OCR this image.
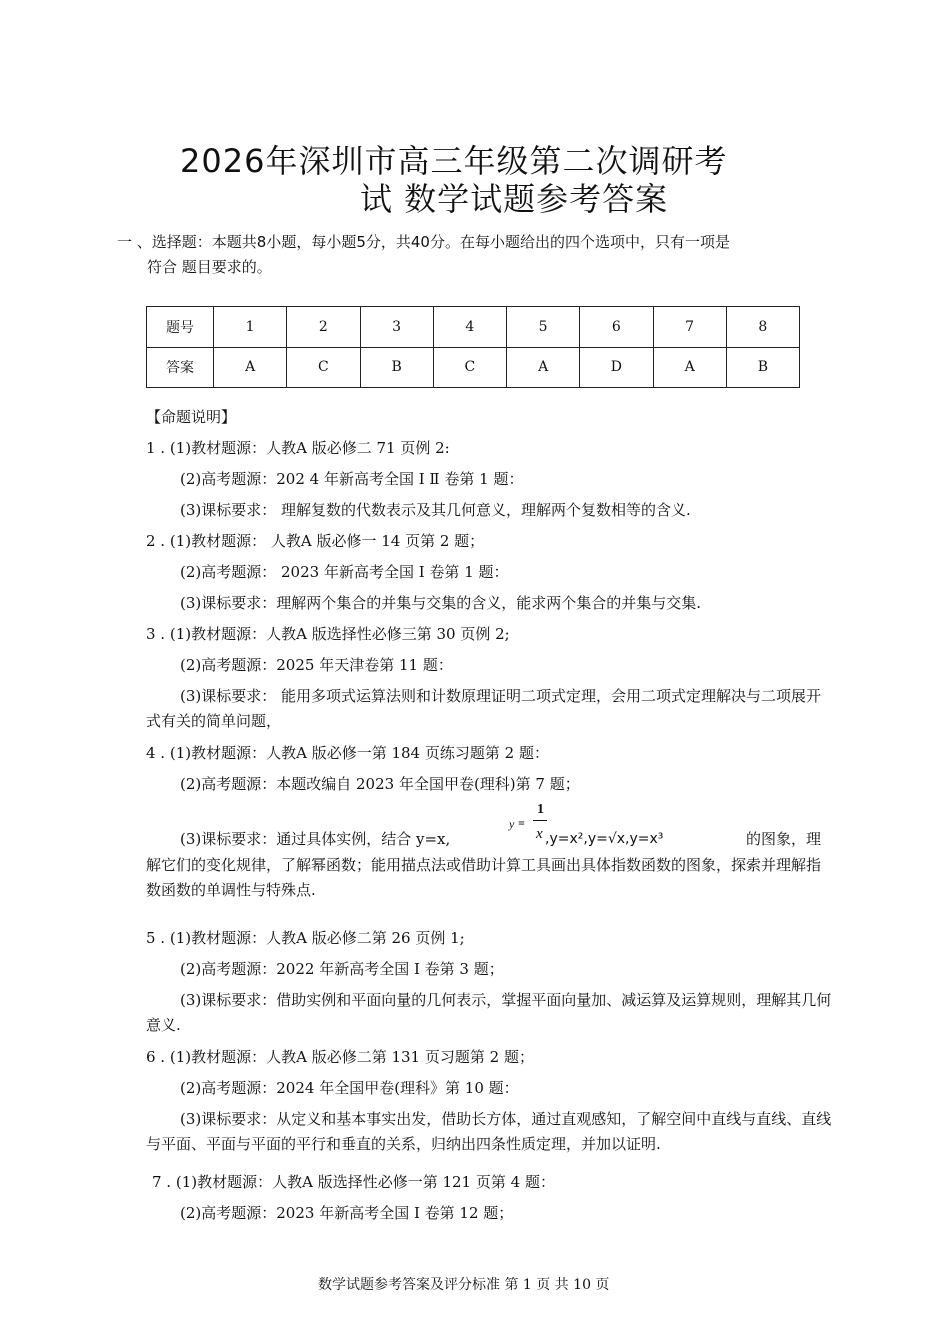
2026年深圳市高三年级第二次调研考
试 数学试题参考答案
一 、选择题：本题共8小题，每小题5分，共40分。在每小题给出的四个选项中，只有一项是
符合 题目要求的。
题号	1	2	3	4	5	6	7	8
答案	A	C	B	C	A	D	A	B
【命题说明】
1 . (1)教材题源：人教A 版必修二 71 页例 2:
(2)高考题源：202 4 年新高考全国 I Ⅱ 卷第 1 题：
(3)课标要求： 理解复数的代数表示及其几何意义，理解两个复数相等的含义.
2 . (1)教材题源： 人教A 版必修一 14 页第 2 题；
(2)高考题源： 2023 年新高考全国 I 卷第 1 题：
(3)课标要求：理解两个集合的并集与交集的含义，能求两个集合的并集与交集.
3 . (1)教材题源：人教A 版选择性必修三第 30 页例 2;
(2)高考题源：2025 年天津卷第 11 题：
(3)课标要求： 能用多项式运算法则和计数原理证明二项式定理，会用二项式定理解决与二项展开式有关的简单问题，
4 . (1)教材题源：人教A 版必修一第 184 页练习题第 2 题：
(2)高考题源：本题改编自 2023 年全国甲卷(理科)第 7 题；
(3)课标要求：通过具体实例，结合 y=x,
y =
1
x ,y=x²,y=√x,y=x³	的图象，理
解它们的变化规律，了解幂函数；能用描点法或借助计算工具画出具体指数函数的图象，探索并理解指数函数的单调性与特殊点.
5 . (1)教材题源：人教A 版必修二第 26 页例 1;
(2)高考题源：2022 年新高考全国 I 卷第 3 题；
(3)课标要求：借助实例和平面向量的几何表示，掌握平面向量加、减运算及运算规则，理解其几何意义.
6 . (1)教材题源：人教A 版必修二第 131 页习题第 2 题；
(2)高考题源：2024 年全国甲卷(理科》第 10 题：
(3)课标要求：从定义和基本事实出发，借助长方体，通过直观感知，了解空间中直线与直线、直线与平面、平面与平面的平行和垂直的关系，归纳出四条性质定理，并加以证明.
7 . (1)教材题源：人教A 版选择性必修一第 121 页第 4 题：
(2)高考题源：2023 年新高考全国 I 卷第 12 题；
数学试题参考答案及评分标准 第 1 页 共 10 页
